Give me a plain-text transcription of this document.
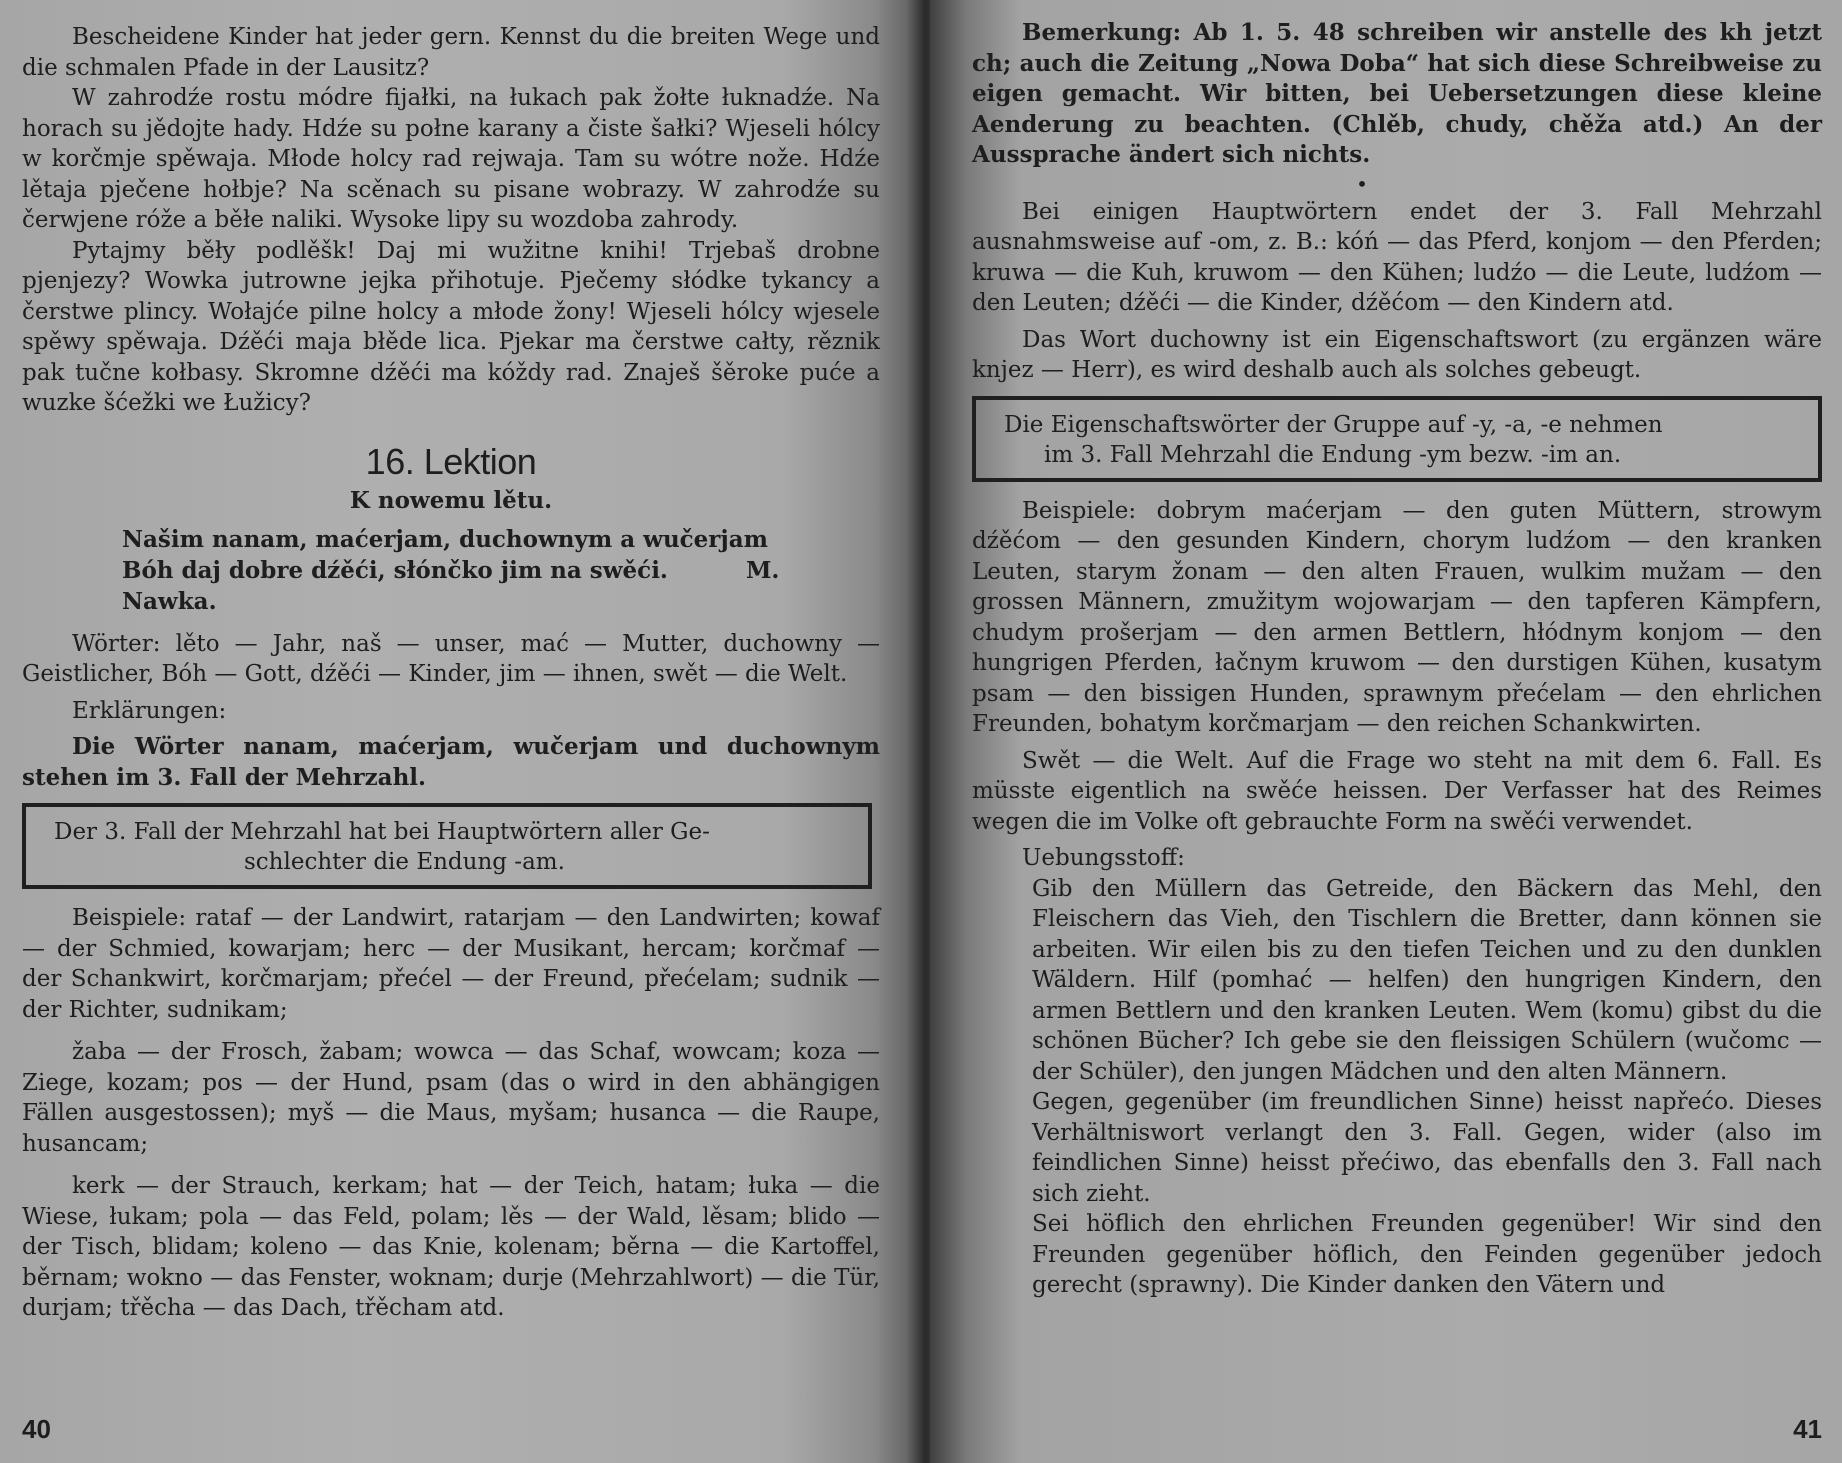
Bescheidene Kinder hat jeder gern. Kennst du die breiten Wege und die schmalen Pfade in der Lausitz?

W zahrodźe rostu módre fijałki, na łukach pak žołte łuknadźe. Na horach su jědojte hady. Hdźe su połne karany a čiste šałki? Wjeseli hólcy w korčmje spěwaja. Młode holcy rad rejwaja. Tam su wótre nože. Hdźe lětaja pječene hołbje? Na scěnach su pisane wobrazy. W zahrodźe su čerwjene róže a běłe naliki. Wysoke lipy su wozdoba zahrody.

Pytajmy běły podlěšk! Daj mi wužitne knihi! Trjebaš drobne pjenjezy? Wowka jutrowne jejka přihotuje. Pječemy słódke tykancy a čerstwe plincy. Wołajće pilne holcy a młode žony! Wjeseli hólcy wjesele spěwy spěwaja. Dźěći maja błěde lica. Pjekar ma čerstwe całty, rěznik pak tučne kołbasy. Skromne dźěći ma kóždy rad. Znaješ šěroke puće a wuzke šćežki we Łužicy?

16. Lektion
K nowemu lětu.
Našim nanam, maćerjam, duchownym a wučerjam
Bóh daj dobre dźěći, słónčko jim na swěći.	M. Nawka.

Wörter: lěto — Jahr, naš — unser, mać — Mutter, duchowny — Geistlicher, Bóh — Gott, dźěći — Kinder, jim — ihnen, swět — die Welt.

Erklärungen:

Die Wörter nanam, maćerjam, wučerjam und duchownym stehen im 3. Fall der Mehrzahl.

Der 3. Fall der Mehrzahl hat bei Hauptwörtern aller Ge-
schlechter die Endung -am.

Beispiele: rataf — der Landwirt, ratarjam — den Landwirten; kowaf — der Schmied, kowarjam; herc — der Musikant, hercam; korčmaf — der Schankwirt, korčmarjam; přećel — der Freund, přećelam; sudnik — der Richter, sudnikam;

žaba — der Frosch, žabam; wowca — das Schaf, wowcam; koza — Ziege, kozam; pos — der Hund, psam (das o wird in den abhängigen Fällen ausgestossen); myš — die Maus, myšam; husanca — die Raupe, husancam;

kerk — der Strauch, kerkam; hat — der Teich, hatam; łuka — die Wiese, łukam; pola — das Feld, polam; lěs — der Wald, lěsam; blido — der Tisch, blidam; koleno — das Knie, kolenam; běrna — die Kartoffel, běrnam; wokno — das Fenster, woknam; durje (Mehrzahlwort) — die Tür, durjam; třěcha — das Dach, třěcham atd.

40

Bemerkung: Ab 1. 5. 48 schreiben wir anstelle des kh jetzt ch; auch die Zeitung „Nowa Doba“ hat sich diese Schreibweise zu eigen gemacht. Wir bitten, bei Uebersetzungen diese kleine Aenderung zu beachten. (Chlěb, chudy, chěža atd.) An der Aussprache ändert sich nichts.

•

Bei einigen Hauptwörtern endet der 3. Fall Mehrzahl ausnahmsweise auf -om, z. B.: kóń — das Pferd, konjom — den Pferden; kruwa — die Kuh, kruwom — den Kühen; ludźo — die Leute, ludźom — den Leuten; dźěći — die Kinder, dźěćom — den Kindern atd.

Das Wort duchowny ist ein Eigenschaftswort (zu ergänzen wäre knjez — Herr), es wird deshalb auch als solches gebeugt.

Die Eigenschaftswörter der Gruppe auf -y, -a, -e nehmen
im 3. Fall Mehrzahl die Endung -ym bezw. -im an.

Beispiele: dobrym maćerjam — den guten Müttern, strowym dźěćom — den gesunden Kindern, chorym ludźom — den kranken Leuten, starym žonam — den alten Frauen, wulkim mužam — den grossen Männern, zmužitym wojowarjam — den tapferen Kämpfern, chudym prošerjam — den armen Bettlern, hłódnym konjom — den hungrigen Pferden, łačnym kruwom — den durstigen Kühen, kusatym psam — den bissigen Hunden, sprawnym přećelam — den ehrlichen Freunden, bohatym korčmarjam — den reichen Schankwirten.

Swět — die Welt. Auf die Frage wo steht na mit dem 6. Fall. Es müsste eigentlich na swěće heissen. Der Verfasser hat des Reimes wegen die im Volke oft gebrauchte Form na swěći verwendet.

Uebungsstoff:

Gib den Müllern das Getreide, den Bäckern das Mehl, den Fleischern das Vieh, den Tischlern die Bretter, dann können sie arbeiten. Wir eilen bis zu den tiefen Teichen und zu den dunklen Wäldern. Hilf (pomhać — helfen) den hungrigen Kindern, den armen Bettlern und den kranken Leuten. Wem (komu) gibst du die schönen Bücher? Ich gebe sie den fleissigen Schülern (wučomc — der Schüler), den jungen Mädchen und den alten Männern.

Gegen, gegenüber (im freundlichen Sinne) heisst napřećo. Dieses Verhältniswort verlangt den 3. Fall. Gegen, wider (also im feindlichen Sinne) heisst přećiwo, das ebenfalls den 3. Fall nach sich zieht.

Sei höflich den ehrlichen Freunden gegenüber! Wir sind den Freunden gegenüber höflich, den Feinden gegenüber jedoch gerecht (sprawny). Die Kinder danken den Vätern und

41
